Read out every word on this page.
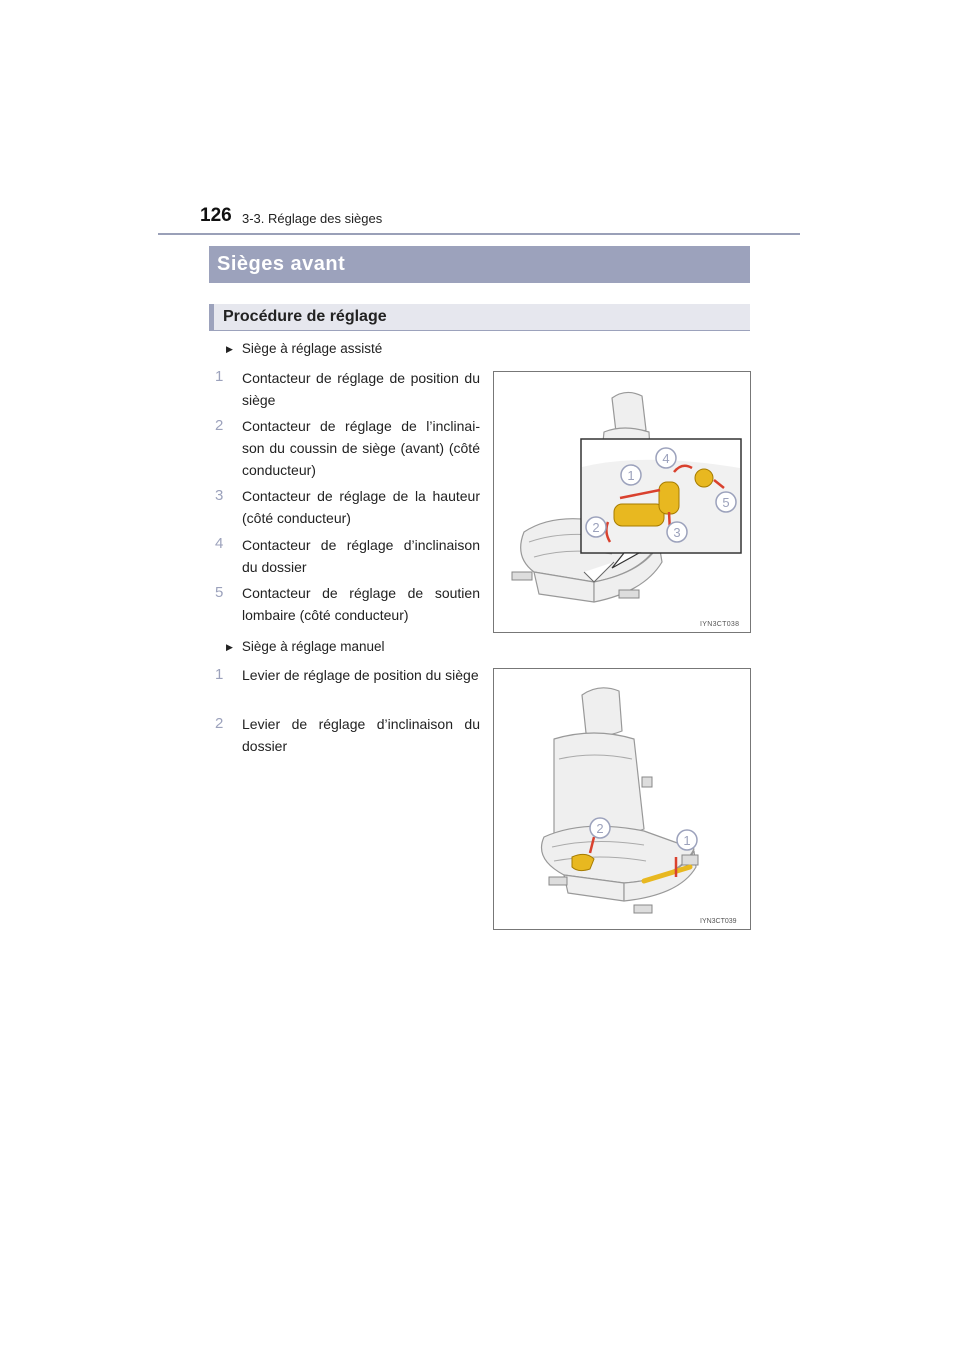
126 3-3. Réglage des sièges
Sièges avant
Procédure de réglage
▶ Siège à réglage assisté
1 Contacteur de réglage de position du siège
2 Contacteur de réglage de l’inclinai-son du coussin de siège (avant) (côté conducteur)
3 Contacteur de réglage de la hauteur (côté conducteur)
4 Contacteur de réglage d’inclinaison du dossier
5 Contacteur de réglage de soutien lombaire (côté conducteur)
1
2	3
4
5
IYN3CT038
▶ Siège à réglage manuel
1 Levier de réglage de position du siège
2 Levier de réglage d’inclinaison du dossier
1
2
IYN3CT039
